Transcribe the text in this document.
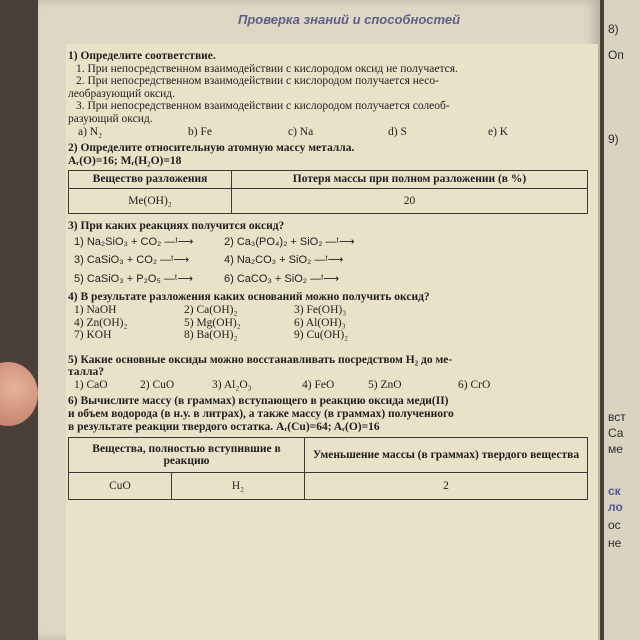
Проверка знаний и способностей
1) Определите соответствие.
1. При непосредственном взаимодействии с кислородом оксид не получается.
2. При непосредственном взаимодействии с кислородом получается несо-
леобразующий оксид.
3. При непосредственном взаимодействии с кислородом получается солеоб-
разующий оксид.
а) N₂	b) Fe	c) Na	d) S	e) K
2) Определите относительную атомную массу металла.
Aᵣ(O)=16; Mᵣ(H₂O)=18
Вещество разложения	Потеря массы при полном разложении (в %)
Me(OH)₂	20
3) При каких реакциях получится оксид?
1) Na₂SiO₃ + CO₂ —ᵗ⟶	2) Ca₃(PO₄)₂ + SiO₂ —ᵗ⟶
3) CaSiO₃ + CO₂ —ᵗ⟶	4) Na₂CO₃ + SiO₂ —ᵗ⟶
5) CaSiO₃ + P₂O₅ —ᵗ⟶	6) CaCO₃ + SiO₂ —ᵗ⟶
4) В результате разложения каких оснований можно получить оксид?
1) NaOH	2) Ca(OH)₂	3) Fe(OH)₃
4) Zn(OH)₂	5) Mg(OH)₂	6) Al(OH)₃
7) KOH	8) Ba(OH)₂	9) Cu(OH)₂
5) Какие основные оксиды можно восстанавливать посредством H₂ до ме-
талла?
1) CaO	2) CuO	3) Al₂O₃	4) FeO	5) ZnO	6) CrO
6) Вычислите массу (в граммах) вступающего в реакцию оксида меди(II)
и объем водорода (в н.у. в литрах), а также массу (в граммах) полученного
в результате реакции твердого остатка. Aᵣ(Cu)=64; Aᵣ(O)=16
Вещества, полностью вступившие в реакцию		Уменьшение массы (в граммах) твердого вещества
CuO	H₂	2
8)
Оп
9)
вст
Са
ме
ск
ло
ос
не
